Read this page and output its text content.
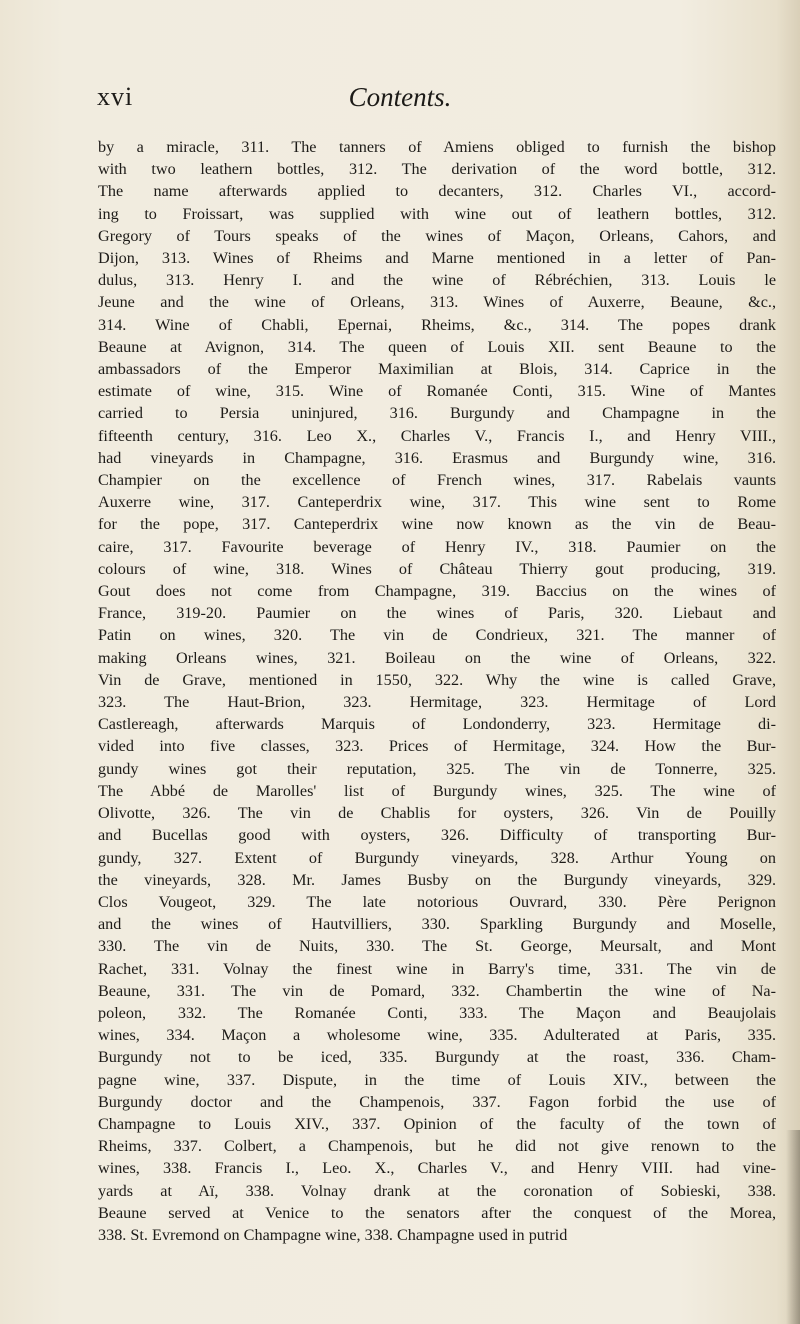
xvi	Contents.

by a miracle, 311. The tanners of Amiens obliged to furnish the bishop
with two leathern bottles, 312. The derivation of the word bottle, 312.
The name afterwards applied to decanters, 312. Charles VI., accord-
ing to Froissart, was supplied with wine out of leathern bottles, 312.
Gregory of Tours speaks of the wines of Maçon, Orleans, Cahors, and
Dijon, 313. Wines of Rheims and Marne mentioned in a letter of Pan-
dulus, 313. Henry I. and the wine of Rébréchien, 313. Louis le
Jeune and the wine of Orleans, 313. Wines of Auxerre, Beaune, &c.,
314. Wine of Chabli, Epernai, Rheims, &c., 314. The popes drank
Beaune at Avignon, 314. The queen of Louis XII. sent Beaune to the
ambassadors of the Emperor Maximilian at Blois, 314. Caprice in the
estimate of wine, 315. Wine of Romanée Conti, 315. Wine of Mantes
carried to Persia uninjured, 316. Burgundy and Champagne in the
fifteenth century, 316. Leo X., Charles V., Francis I., and Henry VIII.,
had vineyards in Champagne, 316. Erasmus and Burgundy wine, 316.
Champier on the excellence of French wines, 317. Rabelais vaunts
Auxerre wine, 317. Canteperdrix wine, 317. This wine sent to Rome
for the pope, 317. Canteperdrix wine now known as the vin de Beau-
caire, 317. Favourite beverage of Henry IV., 318. Paumier on the
colours of wine, 318. Wines of Château Thierry gout producing, 319.
Gout does not come from Champagne, 319. Baccius on the wines of
France, 319-20. Paumier on the wines of Paris, 320. Liebaut and
Patin on wines, 320. The vin de Condrieux, 321. The manner of
making Orleans wines, 321. Boileau on the wine of Orleans, 322.
Vin de Grave, mentioned in 1550, 322. Why the wine is called Grave,
323. The Haut-Brion, 323. Hermitage, 323. Hermitage of Lord
Castlereagh, afterwards Marquis of Londonderry, 323. Hermitage di-
vided into five classes, 323. Prices of Hermitage, 324. How the Bur-
gundy wines got their reputation, 325. The vin de Tonnerre, 325.
The Abbé de Marolles' list of Burgundy wines, 325. The wine of
Olivotte, 326. The vin de Chablis for oysters, 326. Vin de Pouilly
and Bucellas good with oysters, 326. Difficulty of transporting Bur-
gundy, 327. Extent of Burgundy vineyards, 328. Arthur Young on
the vineyards, 328. Mr. James Busby on the Burgundy vineyards, 329.
Clos Vougeot, 329. The late notorious Ouvrard, 330. Père Perignon
and the wines of Hautvilliers, 330. Sparkling Burgundy and Moselle,
330. The vin de Nuits, 330. The St. George, Meursalt, and Mont
Rachet, 331. Volnay the finest wine in Barry's time, 331. The vin de
Beaune, 331. The vin de Pomard, 332. Chambertin the wine of Na-
poleon, 332. The Romanée Conti, 333. The Maçon and Beaujolais
wines, 334. Maçon a wholesome wine, 335. Adulterated at Paris, 335.
Burgundy not to be iced, 335. Burgundy at the roast, 336. Cham-
pagne wine, 337. Dispute, in the time of Louis XIV., between the
Burgundy doctor and the Champenois, 337. Fagon forbid the use of
Champagne to Louis XIV., 337. Opinion of the faculty of the town of
Rheims, 337. Colbert, a Champenois, but he did not give renown to the
wines, 338. Francis I., Leo. X., Charles V., and Henry VIII. had vine-
yards at Aï, 338. Volnay drank at the coronation of Sobieski, 338.
Beaune served at Venice to the senators after the conquest of the Morea,
338. St. Evremond on Champagne wine, 338. Champagne used in putrid
